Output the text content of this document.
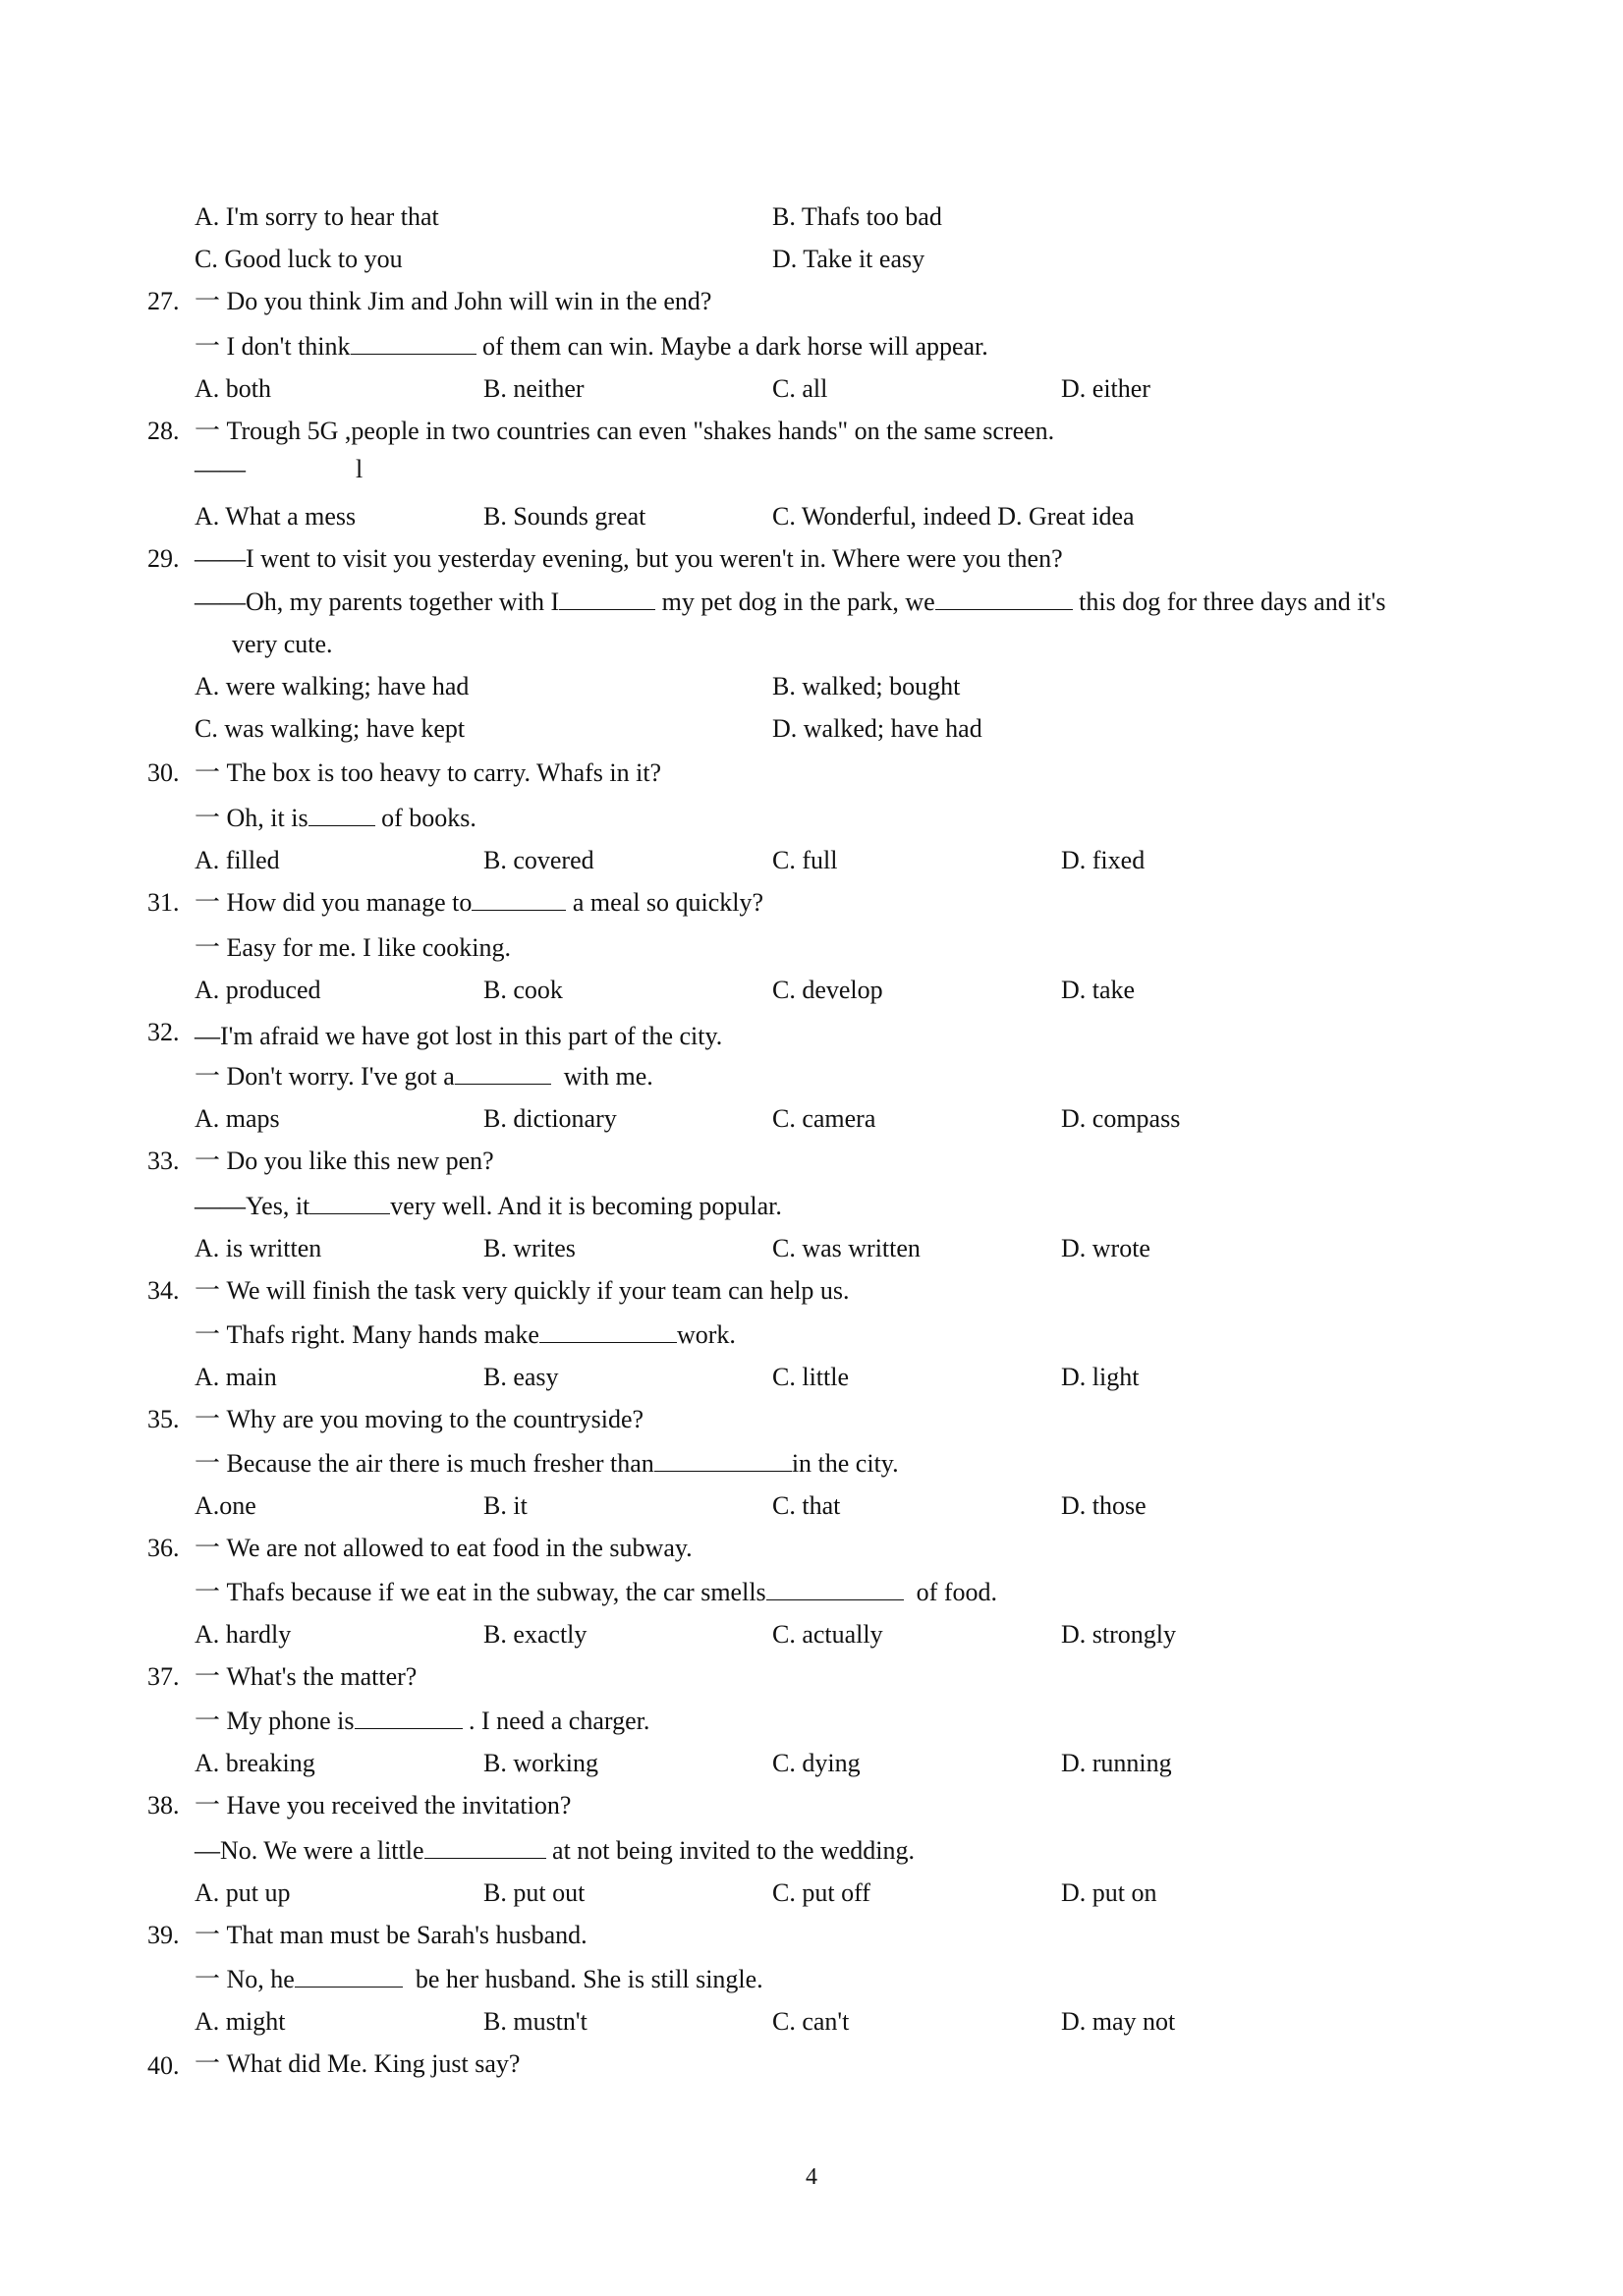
A. I'm sorry to hear that	B. Thafs too bad
C. Good luck to you	D. Take it easy
27. 一 Do you think Jim and John will win in the end?
一 I don't think	of them can win. Maybe a dark horse will appear.
A. both	B. neither	C. all	D. either
28. 一 Trough 5G ,people in two countries can even "shakes hands" on the same screen.
——	l
A. What a mess	B. Sounds great	C. Wonderful, indeed D. Great idea
29. ——I went to visit you yesterday evening, but you weren't in. Where were you then?
——Oh, my parents together with I	my pet dog in the park, we	this dog for three days and it's
very cute.
A. were walking; have had	B. walked; bought
C. was walking; have kept	D. walked; have had
30. 一 The box is too heavy to carry. Whafs in it?
一 Oh, it is	of books.
A. filled	B. covered	C. full	D. fixed
31. 一 How did you manage to	a meal so quickly?
一 Easy for me. I like cooking.
A. produced	B. cook	C. develop	D. take
32. —I'm afraid we have got lost in this part of the city.
一 Don't worry. I've got a	with me.
A. maps	B. dictionary	C. camera	D. compass
33. 一 Do you like this new pen?
——Yes, it	very well. And it is becoming popular.
A. is written	B. writes	C. was written	D. wrote
34. 一 We will finish the task very quickly if your team can help us.
一 Thafs right. Many hands make	work.
A. main	B. easy	C. little	D. light
35. 一 Why are you moving to the countryside?
一 Because the air there is much fresher than	in the city.
A.one	B. it	C. that	D. those
36. 一 We are not allowed to eat food in the subway.
一 Thafs because if we eat in the subway, the car smells	of food.
A. hardly	B. exactly	C. actually	D. strongly
37. 一 What's the matter?
一 My phone is	. I need a charger.
A. breaking	B. working	C. dying	D. running
38. 一 Have you received the invitation?
—No. We were a little	at not being invited to the wedding.
A. put up	B. put out	C. put off	D. put on
39. 一 That man must be Sarah's husband.
一 No, he	be her husband. She is still single.
A. might	B. mustn't	C. can't	D. may not
40. 一 What did Me. King just say?
4
